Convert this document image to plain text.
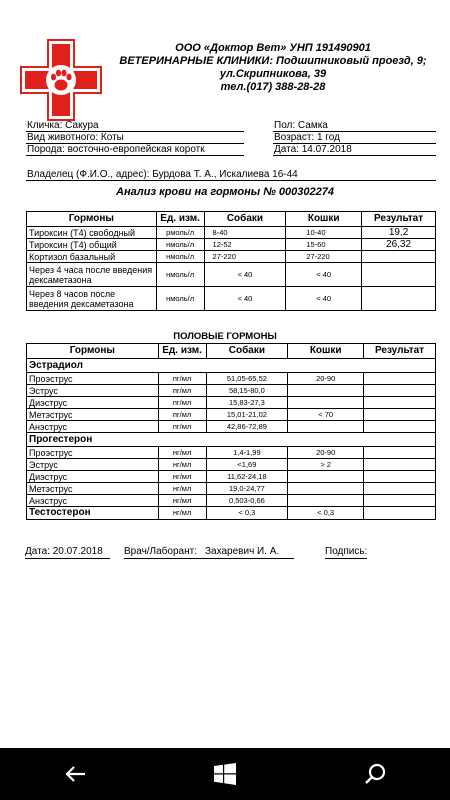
ООО «Доктор Вет» УНП 191490901
ВЕТЕРИНАРНЫЕ КЛИНИКИ: Подшипниковый проезд, 9;
ул.Скрипникова, 39
тел.(017) 388-28-28
Кличка: Сакура
Вид животного: Коты
Порода: восточно-европейская коротк
Пол: Самка
Возраст: 1 год
Дата: 14.07.2018
Владелец (Ф.И.О., адрес): Бурдова Т. А., Искалиева 16-44
Анализ крови на гормоны № 000302274
Гормоны	Ед. изм.	Собаки	Кошки	Результат
Тироксин (Т4) свободный	pмоль/л	8-40	10-40	19,2
Тироксин (Т4) общий	нмоль/л	12-52	15-60	26,32
Кортизол базальный	нмоль/л	27-220	27-220	
Через 4 часа после введения дексаметазона	нмоль/л	< 40	< 40	
Через 8 часов после введения дексаметазона	нмоль/л	< 40	< 40	
ПОЛОВЫЕ ГОРМОНЫ
Гормоны	Ед. изм.	Собаки	Кошки	Результат
Эстрадиол				
Проэструс	пг/мл	51,05-65,52	20-90	
Эструс	пг/мл	58,15-80,0		
Диэструс	пг/мл	15,83-27,3		
Метэструс	пг/мл	15,01-21,02	< 70	
Анэструс	пг/мл	42,86-72,89		
Прогестерон				
Проэструс	нг/мл	1,4-1,99	20-90	
Эструс	нг/мл	<1,69	> 2	
Диэструс	нг/мл	11,62-24,18		
Метэструс	нг/мл	19,0-24,77		
Анэструс	нг/мл	0,503-0,66		
Тестостерон	нг/мл	< 0,3	< 0,3	
Дата: 20.07.2018 Врач/Лаборант: Захаревич И. А.	Подпись:
